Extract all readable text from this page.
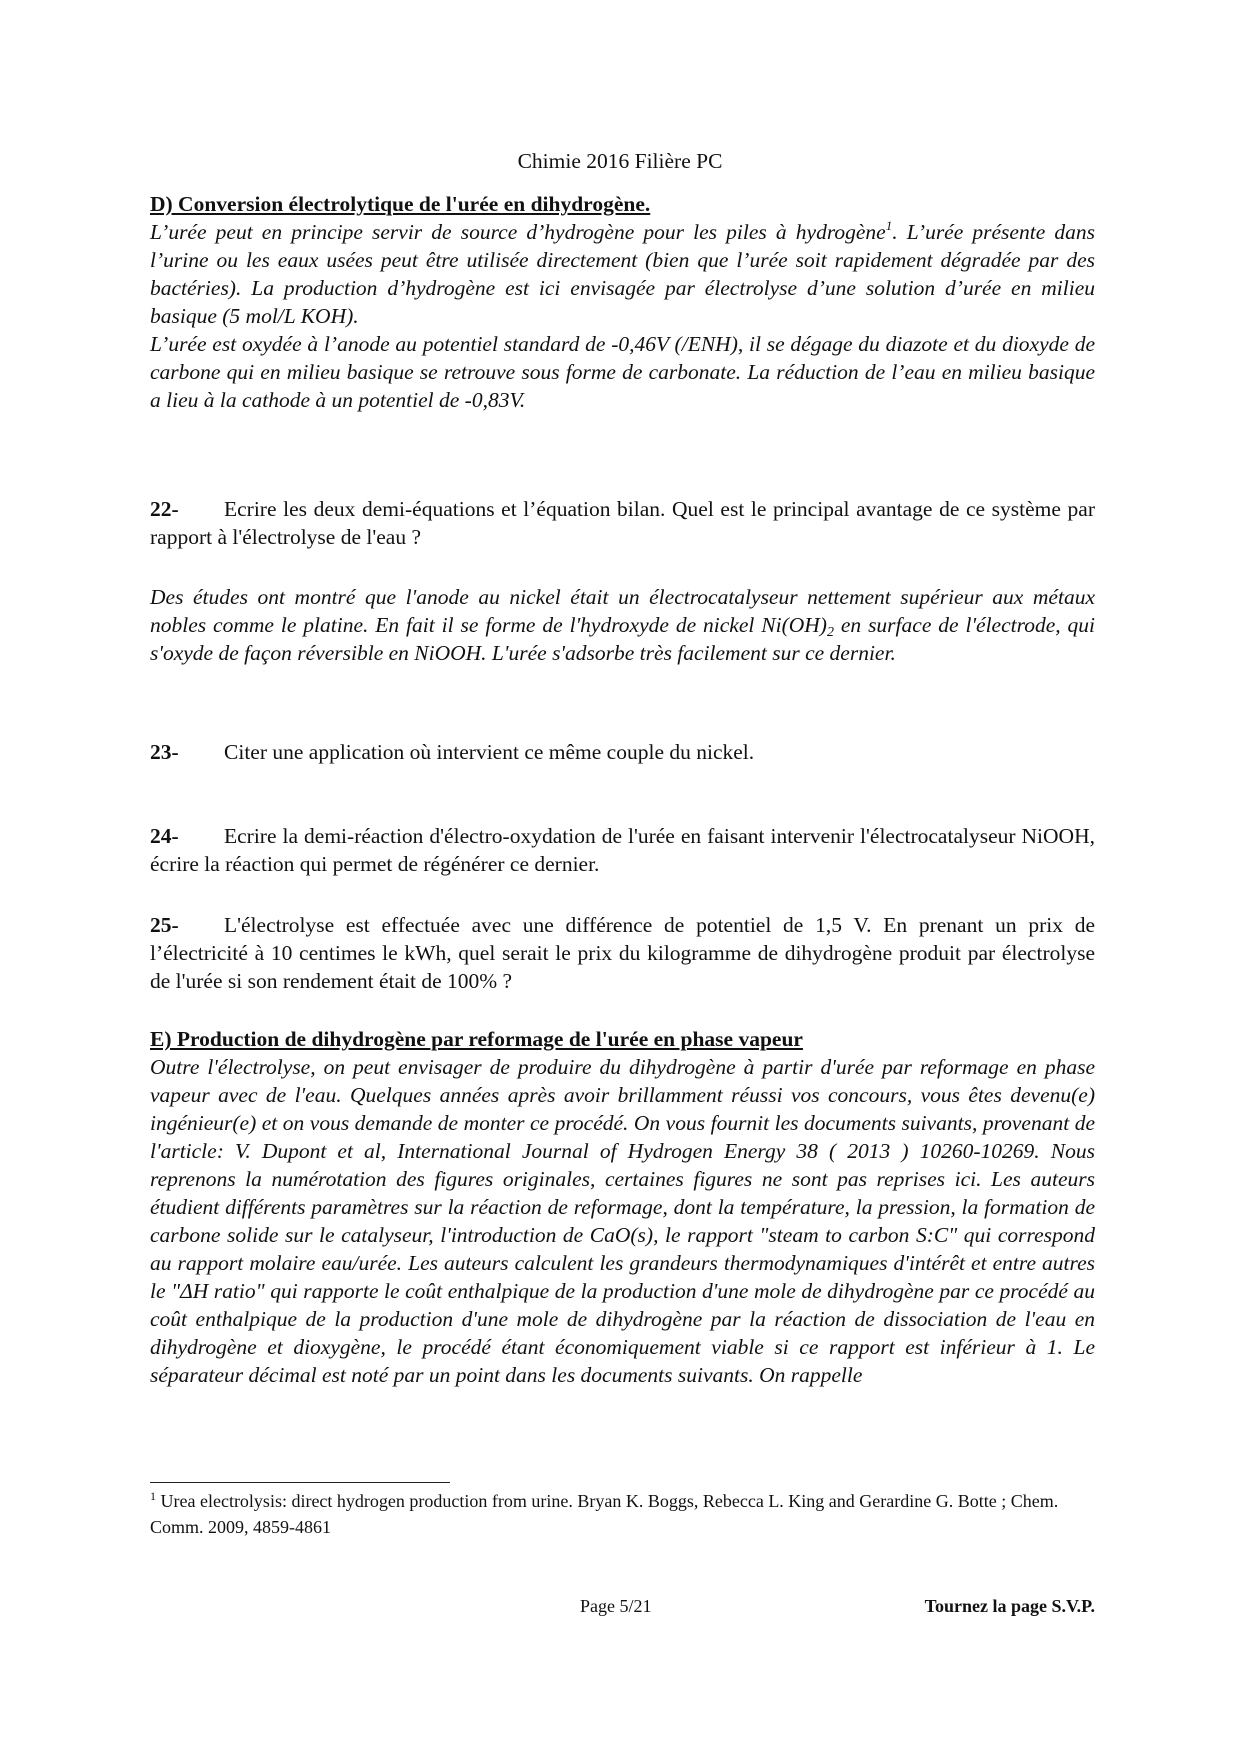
Chimie 2016 Filière PC
D) Conversion électrolytique de l'urée en dihydrogène.
L’urée peut en principe servir de source d’hydrogène pour les piles à hydrogène$^1$. L’urée présente dans l’urine ou les eaux usées peut être utilisée directement (bien que l’urée soit rapidement dégradée par des bactéries). La production d’hydrogène est ici envisagée par électrolyse d’une solution d’urée en milieu basique (5 mol/L KOH).
L’urée est oxydée à l’anode au potentiel standard de -0,46V (/ENH), il se dégage du diazote et du dioxyde de carbone qui en milieu basique se retrouve sous forme de carbonate. La réduction de l’eau en milieu basique a lieu à la cathode à un potentiel de -0,83V.
22- Ecrire les deux demi-équations et l’équation bilan. Quel est le principal avantage de ce système par rapport à l'électrolyse de l'eau ?
Des études ont montré que l'anode au nickel était un électrocatalyseur nettement supérieur aux métaux nobles comme le platine. En fait il se forme de l'hydroxyde de nickel $Ni(OH)_2$ en surface de l'électrode, qui s'oxyde de façon réversible en NiOOH. L'urée s'adsorbe très facilement sur ce dernier.
23- Citer une application où intervient ce même couple du nickel.
24- Ecrire la demi-réaction d'électro-oxydation de l'urée en faisant intervenir l'électrocatalyseur NiOOH, écrire la réaction qui permet de régénérer ce dernier.
25- L'électrolyse est effectuée avec une différence de potentiel de 1,5 V. En prenant un prix de l’électricité à 10 centimes le kWh, quel serait le prix du kilogramme de dihydrogène produit par électrolyse de l'urée si son rendement était de 100% ?
E) Production de dihydrogène par reformage de l'urée en phase vapeur
Outre l'électrolyse, on peut envisager de produire du dihydrogène à partir d'urée par reformage en phase vapeur avec de l'eau. Quelques années après avoir brillamment réussi vos concours, vous êtes devenu(e) ingénieur(e) et on vous demande de monter ce procédé. On vous fournit les documents suivants, provenant de l'article: V. Dupont et al, International Journal of Hydrogen Energy 38 ( 2013 ) 10260-10269. Nous reprenons la numérotation des figures originales, certaines figures ne sont pas reprises ici. Les auteurs étudient différents paramètres sur la réaction de reformage, dont la température, la pression, la formation de carbone solide sur le catalyseur, l'introduction de CaO(s), le rapport "steam to carbon S:C" qui correspond au rapport molaire eau/urée. Les auteurs calculent les grandeurs thermodynamiques d'intérêt et entre autres le "ΔH ratio" qui rapporte le coût enthalpique de la production d'une mole de dihydrogène par ce procédé au coût enthalpique de la production d'une mole de dihydrogène par la réaction de dissociation de l'eau en dihydrogène et dioxygène, le procédé étant économiquement viable si ce rapport est inférieur à 1. Le séparateur décimal est noté par un point dans les documents suivants. On rappelle
$^1$ Urea electrolysis: direct hydrogen production from urine. Bryan K. Boggs, Rebecca L. King and Gerardine G. Botte ; Chem. Comm. 2009, 4859-4861
Page 5/21	Tournez la page S.V.P.
